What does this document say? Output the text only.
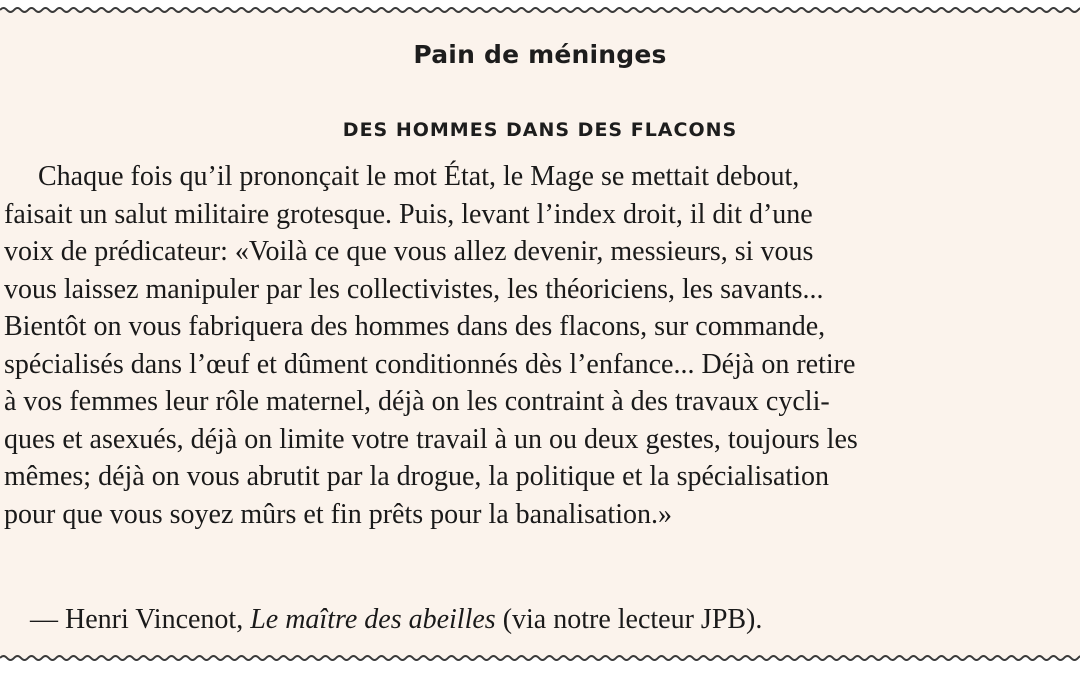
Pain de méninges
DES HOMMES DANS DES FLACONS
Chaque fois qu’il prononçait le mot État, le Mage se mettait debout,
faisait un salut militaire grotesque. Puis, levant l’index droit, il dit d’une
voix de prédicateur: «Voilà ce que vous allez devenir, messieurs, si vous
vous laissez manipuler par les collectivistes, les théoriciens, les savants...
Bientôt on vous fabriquera des hommes dans des flacons, sur commande,
spécialisés dans l’œuf et dûment conditionnés dès l’enfance... Déjà on retire
à vos femmes leur rôle maternel, déjà on les contraint à des travaux cycli-
ques et asexués, déjà on limite votre travail à un ou deux gestes, toujours les
mêmes; déjà on vous abrutit par la drogue, la politique et la spécialisation
pour que vous soyez mûrs et fin prêts pour la banalisation.»
— Henri Vincenot, Le maître des abeilles (via notre lecteur JPB).
